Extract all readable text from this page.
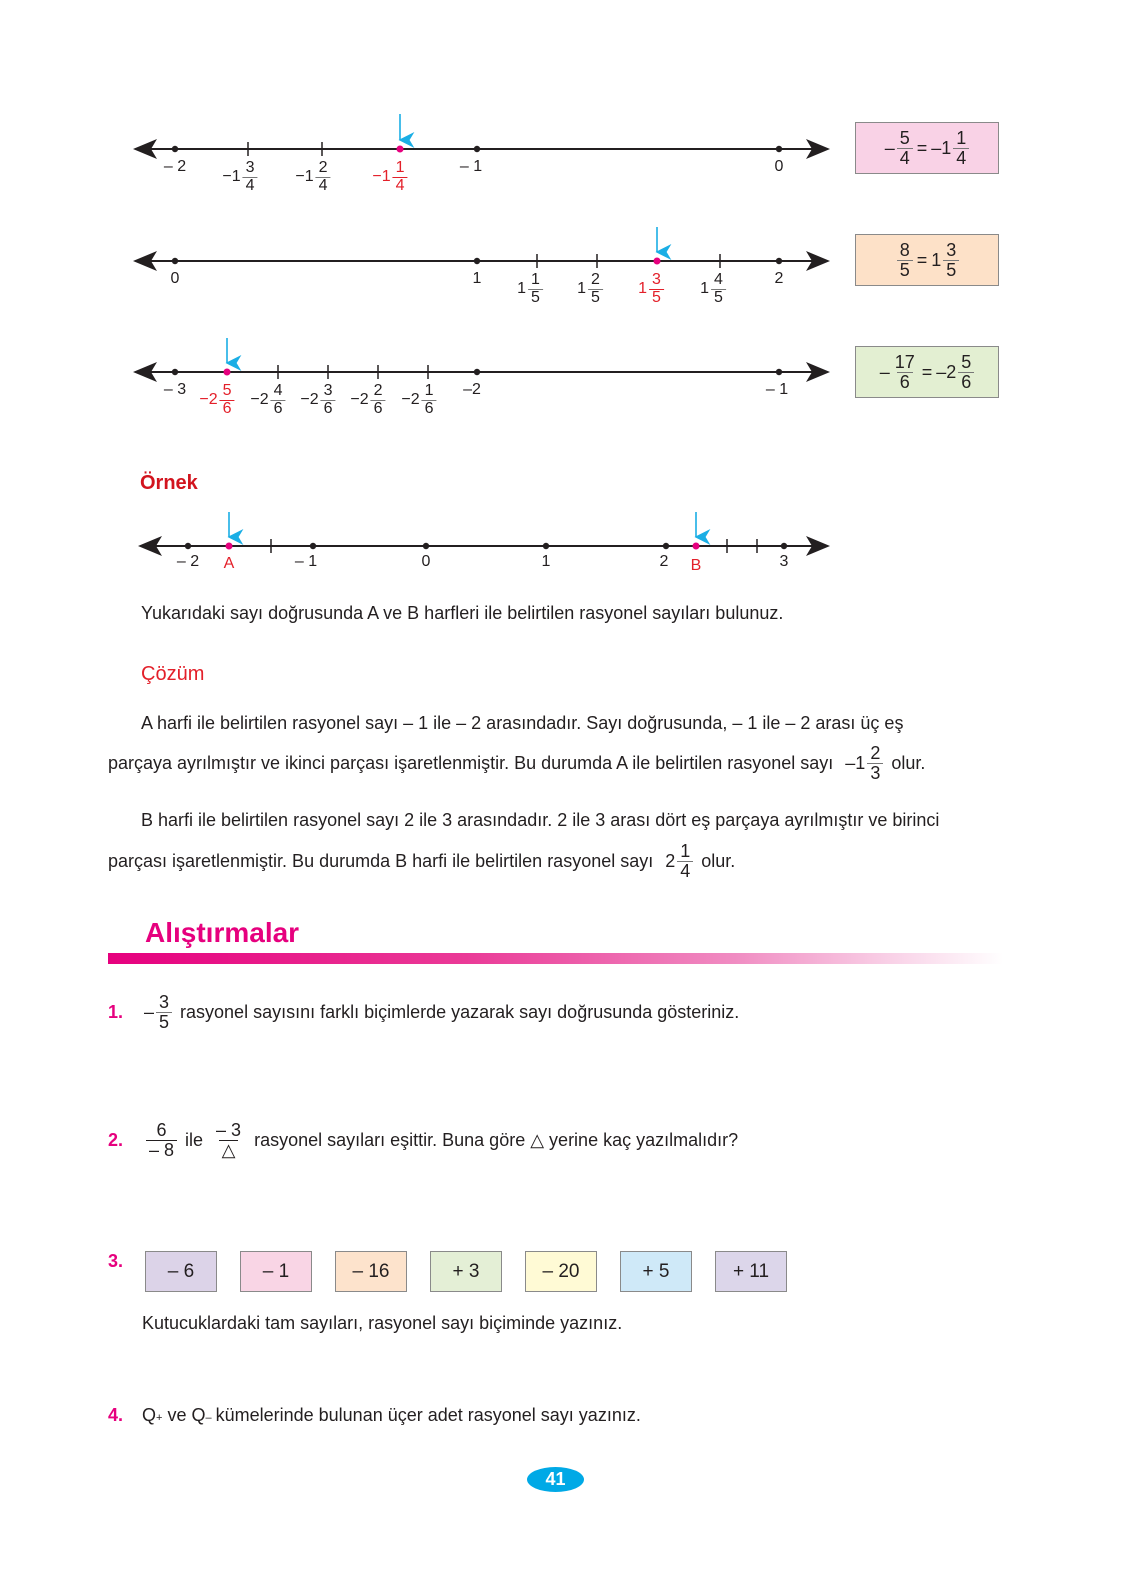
– 2
$-1 \frac{3}{4} -1 \frac{2}{4}$	$-1 \frac{1}{4}$	– 1	0
– $\frac{5}{4} = -1 \frac{1}{4}$
0	1
$1 \frac{1}{5} 1 \frac{2}{5} 1 \frac{3}{5} 1 \frac{4}{5}$	2	$\frac{8}{5} = 1 \frac{3}{5}$
– 3
$-2 \frac{5}{6} -2 \frac{4}{6} -2 \frac{3}{6} -2 \frac{2}{6} -2 \frac{1}{6} -2$	– 1
– $\frac{17}{6} = -2 \frac{5}{6}$
Örnek
– 2 A	– 1	0	1	2 B	3
Yukarıdaki sayı doğrusunda A ve B harfleri ile belirtilen rasyonel sayıları bulunuz.
Çözüm
A harfi ile belirtilen rasyonel sayı – 1 ile – 2 arasındadır. Sayı doğrusunda, – 1 ile – 2 arası üç eş
parçaya ayrılmıştır ve ikinci parçası işaretlenmiştir. Bu durumda A ile belirtilen rasyonel sayı $-1 \frac{2}{3}$ olur.
B harfi ile belirtilen rasyonel sayı 2 ile 3 arasındadır. 2 ile 3 arası dört eş parçaya ayrılmıştır ve birinci
parçası işaretlenmiştir. Bu durumda B harfi ile belirtilen rasyonel sayı $2 \frac{1}{4}$ olur.
Alıştırmalar
1.	– $\frac{3}{5}$ rasyonel sayısını farklı biçimlerde yazarak sayı doğrusunda gösteriniz.
2.	$\frac{6}{- 8}$ ile $\frac{- 3}{\triangle}$ rasyonel sayıları eşittir. Buna göre △ yerine kaç yazılmalıdır?
3.	– 6	– 1	– 16	+ 3	– 20	+ 5	+ 11
Kutucuklardaki tam sayıları, rasyonel sayı biçiminde yazınız.
4.	Q + ve Q – kümelerinde bulunan üçer adet rasyonel sayı yazınız.
41
